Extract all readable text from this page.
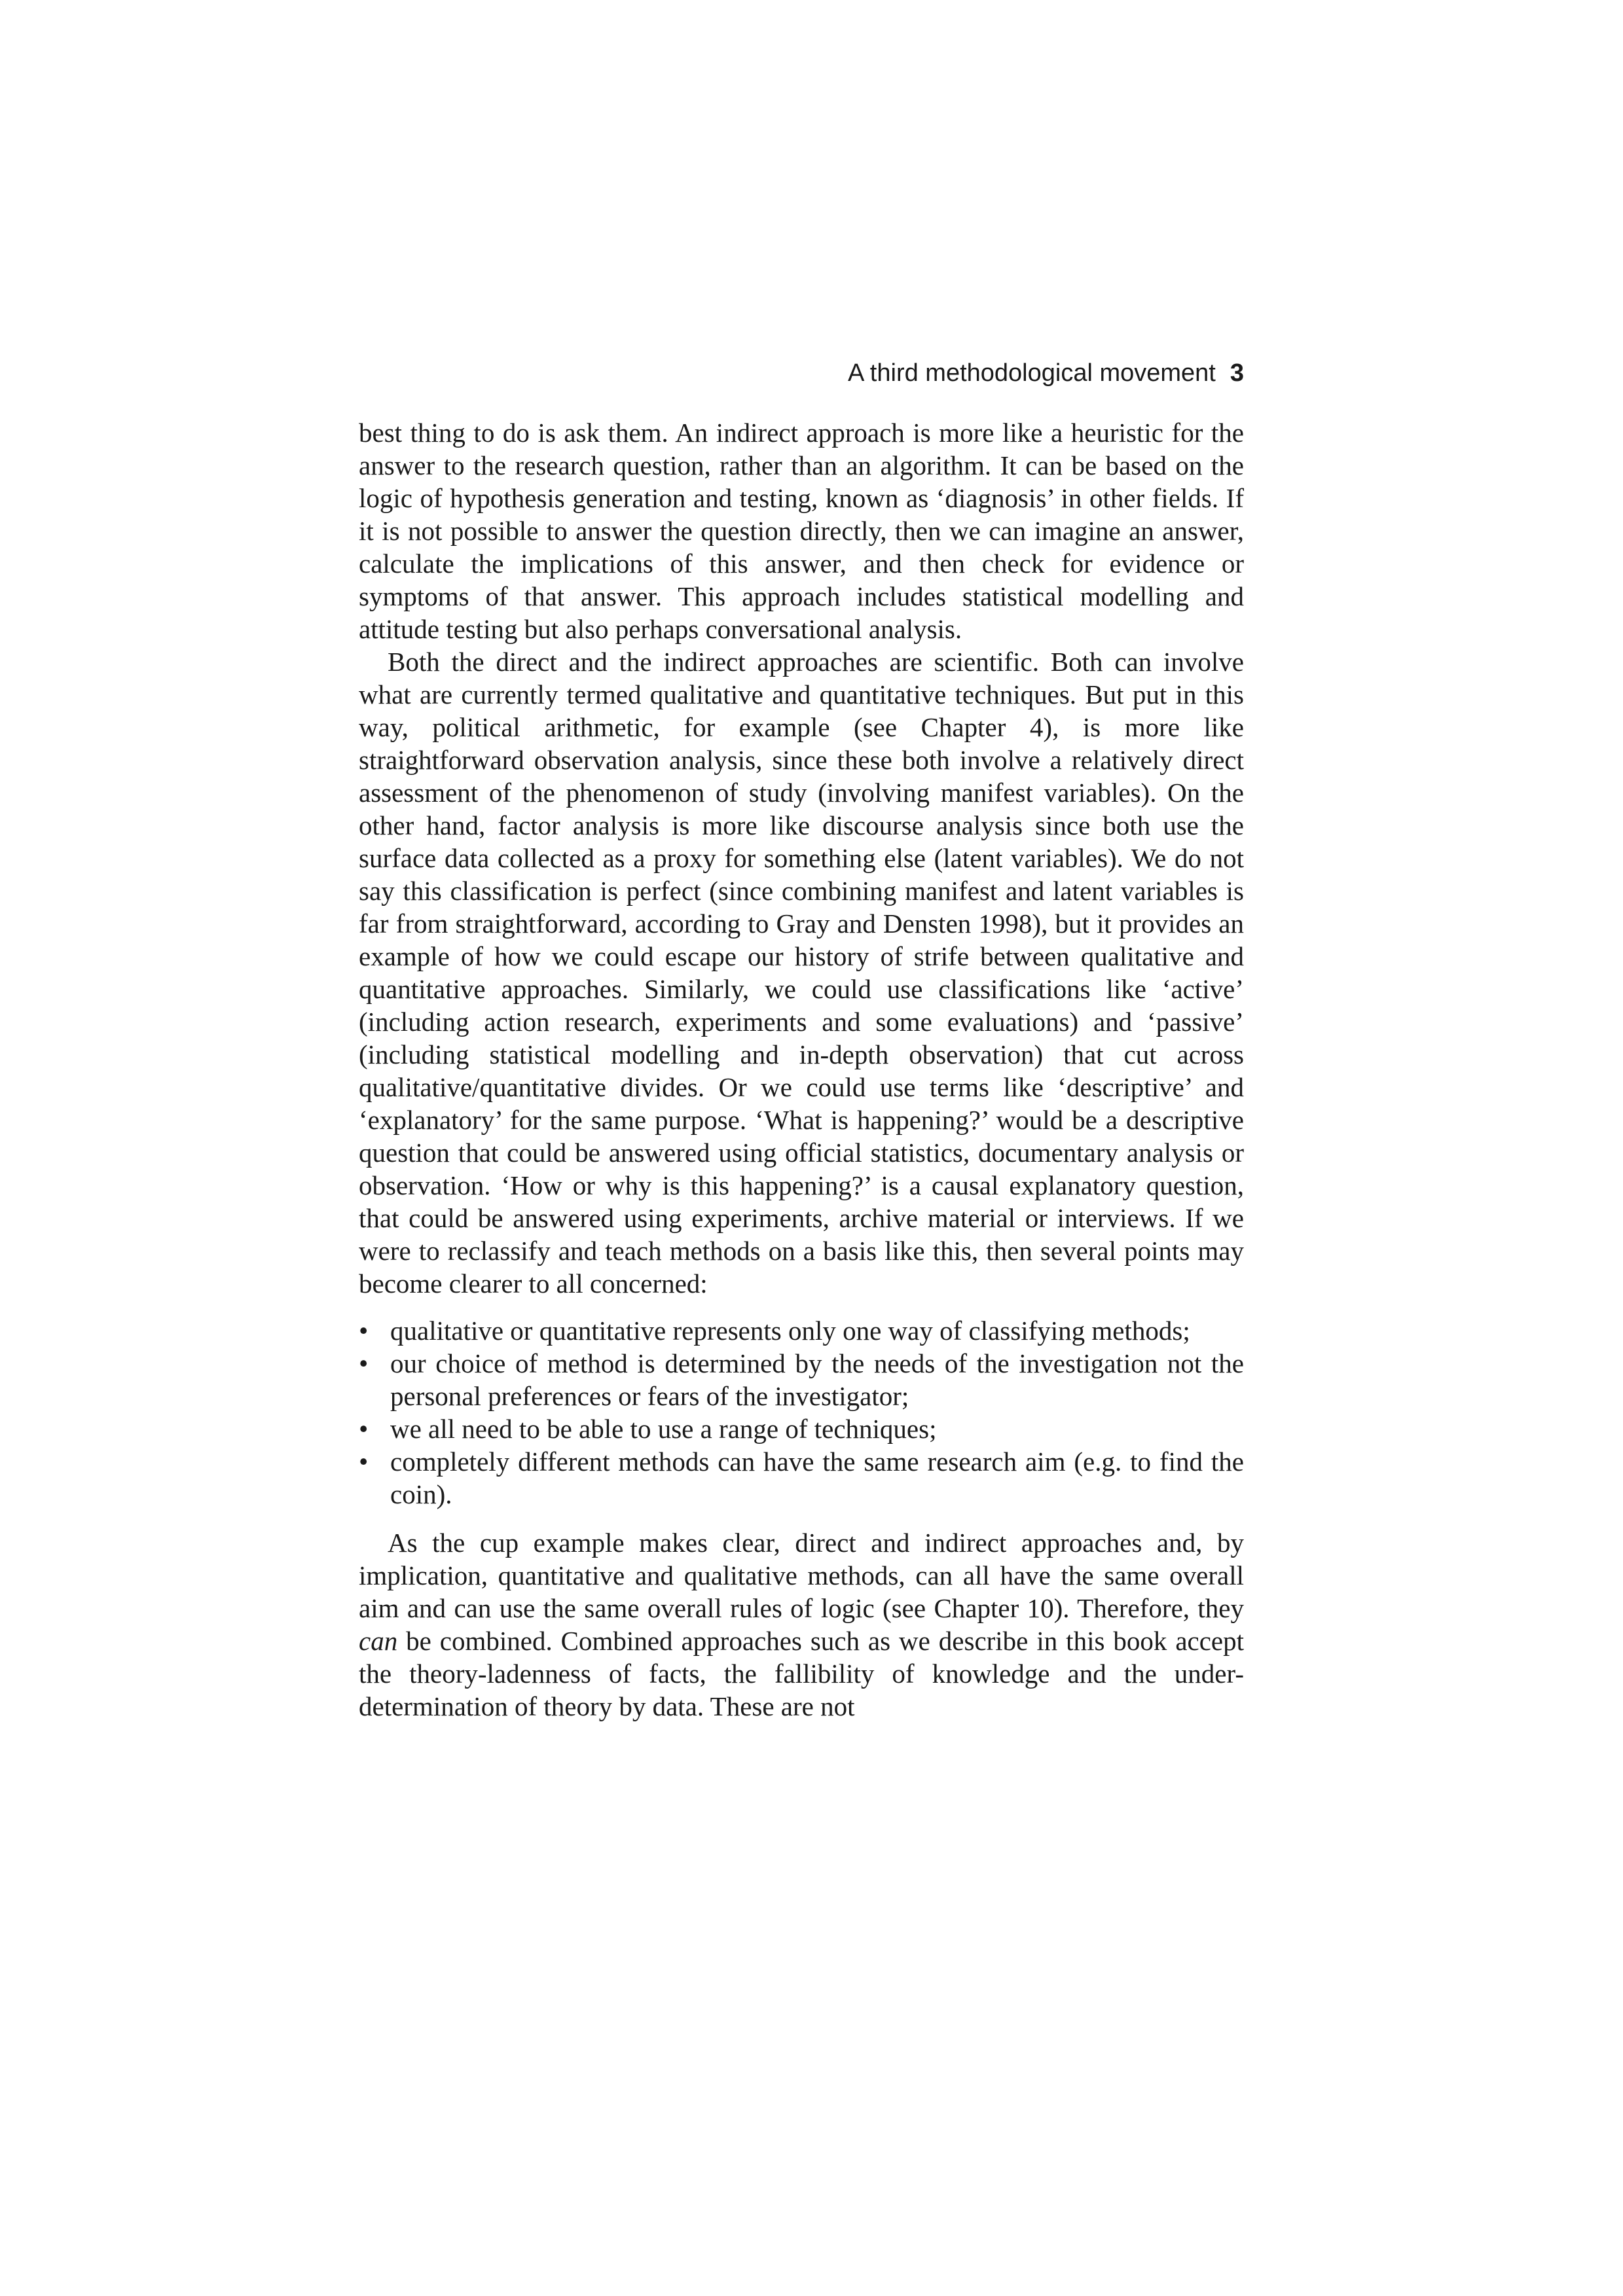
A third methodological movement 3

best thing to do is ask them. An indirect approach is more like a heuristic for the answer to the research question, rather than an algorithm. It can be based on the logic of hypothesis generation and testing, known as ‘diagnosis’ in other fields. If it is not possible to answer the question directly, then we can imagine an answer, calculate the implications of this answer, and then check for evidence or symptoms of that answer. This approach includes statistical modelling and attitude testing but also perhaps conversational analysis.

Both the direct and the indirect approaches are scientific. Both can involve what are currently termed qualitative and quantitative techniques. But put in this way, political arithmetic, for example (see Chapter 4), is more like straightforward observation analysis, since these both involve a relatively direct assessment of the phenomenon of study (involving manifest variables). On the other hand, factor analysis is more like discourse analysis since both use the surface data collected as a proxy for something else (latent variables). We do not say this classification is perfect (since combining manifest and latent variables is far from straightforward, according to Gray and Densten 1998), but it provides an example of how we could escape our history of strife between qualitative and quantitative approaches. Similarly, we could use classifications like ‘active’ (including action research, experiments and some evaluations) and ‘passive’ (including statistical modelling and in-depth observation) that cut across qualitative/quantitative divides. Or we could use terms like ‘descriptive’ and ‘explanatory’ for the same purpose. ‘What is happening?’ would be a descriptive question that could be answered using official statistics, documentary analysis or observation. ‘How or why is this happening?’ is a causal explanatory question, that could be answered using experiments, archive material or interviews. If we were to reclassify and teach methods on a basis like this, then several points may become clearer to all concerned:

• qualitative or quantitative represents only one way of classifying methods;
• our choice of method is determined by the needs of the investigation not the personal preferences or fears of the investigator;
• we all need to be able to use a range of techniques;
• completely different methods can have the same research aim (e.g. to find the coin).

As the cup example makes clear, direct and indirect approaches and, by implication, quantitative and qualitative methods, can all have the same overall aim and can use the same overall rules of logic (see Chapter 10). Therefore, they can be combined. Combined approaches such as we describe in this book accept the theory-ladenness of facts, the fallibility of knowledge and the under-determination of theory by data. These are not
